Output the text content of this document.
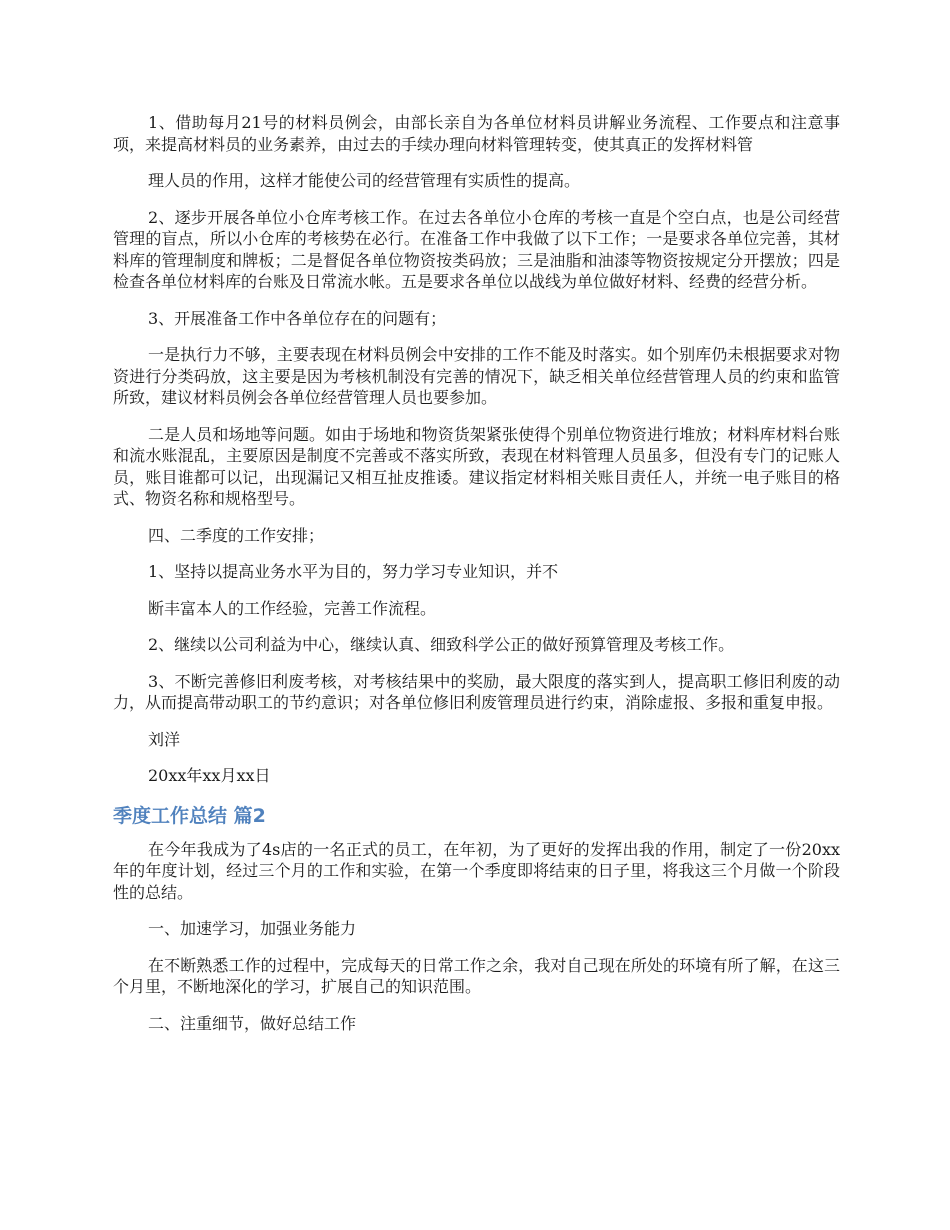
1、借助每月21号的材料员例会，由部长亲自为各单位材料员讲解业务流程、工作要点和注意事项，来提高材料员的业务素养，由过去的手续办理向材料管理转变，使其真正的发挥材料管

理人员的作用，这样才能使公司的经营管理有实质性的提高。

2、逐步开展各单位小仓库考核工作。在过去各单位小仓库的考核一直是个空白点，也是公司经营管理的盲点，所以小仓库的考核势在必行。在准备工作中我做了以下工作；一是要求各单位完善，其材料库的管理制度和牌板；二是督促各单位物资按类码放；三是油脂和油漆等物资按规定分开摆放；四是检查各单位材料库的台账及日常流水帐。五是要求各单位以战线为单位做好材料、经费的经营分析。

3、开展准备工作中各单位存在的问题有；

一是执行力不够，主要表现在材料员例会中安排的工作不能及时落实。如个别库仍未根据要求对物资进行分类码放，这主要是因为考核机制没有完善的情况下，缺乏相关单位经营管理人员的约束和监管所致，建议材料员例会各单位经营管理人员也要参加。

二是人员和场地等问题。如由于场地和物资货架紧张使得个别单位物资进行堆放；材料库材料台账和流水账混乱，主要原因是制度不完善或不落实所致，表现在材料管理人员虽多，但没有专门的记账人员，账目谁都可以记，出现漏记又相互扯皮推诿。建议指定材料相关账目责任人，并统一电子账目的格式、物资名称和规格型号。

四、二季度的工作安排；

1、坚持以提高业务水平为目的，努力学习专业知识，并不

断丰富本人的工作经验，完善工作流程。

2、继续以公司利益为中心，继续认真、细致科学公正的做好预算管理及考核工作。

3、不断完善修旧利废考核，对考核结果中的奖励，最大限度的落实到人，提高职工修旧利废的动力，从而提高带动职工的节约意识；对各单位修旧利废管理员进行约束，消除虚报、多报和重复申报。

刘洋

20xx年xx月xx日

季度工作总结 篇2

在今年我成为了4s店的一名正式的员工，在年初，为了更好的发挥出我的作用，制定了一份20xx年的年度计划，经过三个月的工作和实验，在第一个季度即将结束的日子里，将我这三个月做一个阶段性的总结。

一、加速学习，加强业务能力

在不断熟悉工作的过程中，完成每天的日常工作之余，我对自己现在所处的环境有所了解，在这三个月里，不断地深化的学习，扩展自己的知识范围。

二、注重细节，做好总结工作
